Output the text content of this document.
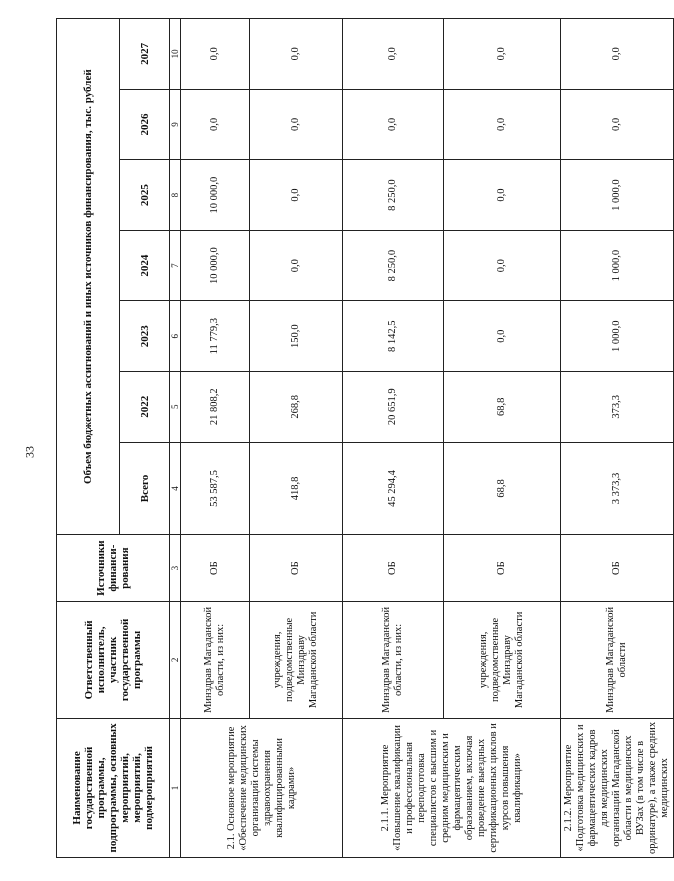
33
Наименование государственной программы, подпрограммы, основных мероприятий, мероприятий, подмероприятий	Ответственный исполнитель, участник государственной программы	Источники финанси-рования	Объем бюджетных ассигнований и иных источников финансирования, тыс. рублей						
			Всего	2022	2023	2024	2025	2026	2027
1	2	3	4	5	6	7	8	9	10
2.1. Основное мероприятие «Обеспечение медицинских организаций системы здравоохранения квалифицированными кадрами»	Минздрав Магаданской области, из них:	ОБ	53 587,5	21 808,2	11 779,3	10 000,0	10 000,0	0,0	0,0
	учреждения, подведомственные Минздраву Магаданской области	ОБ	418,8	268,8	150,0	0,0	0,0	0,0	0,0
2.1.1. Мероприятие «Повышение квалификации и профессиональная переподготовка специалистов с высшим и средним медицинским и фармацевтическим образованием, включая проведение выездных сертификационных циклов и курсов повышения квалификации»	Минздрав Магаданской области, из них:	ОБ	45 294,4	20 651,9	8 142,5	8 250,0	8 250,0	0,0	0,0
	учреждения, подведомственные Минздраву Магаданской области	ОБ	68,8	68,8	0,0	0,0	0,0	0,0	0,0
2.1.2. Мероприятие «Подготовка медицинских и фармацевтических кадров для медицинских организаций Магаданской области в медицинских ВУЗах (в том числе в ординатуре), а также средних медицинских	Минздрав Магаданской области	ОБ	3 373,3	373,3	1 000,0	1 000,0	1 000,0	0,0	0,0
